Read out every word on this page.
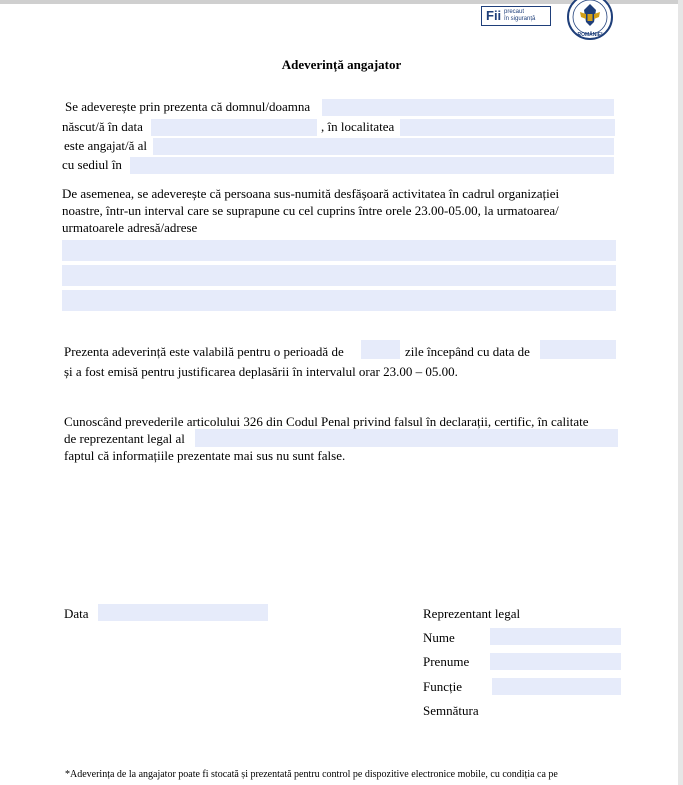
Fii precaut
în siguranță
ROMÂNIEI
Adeverință angajator
Se adeverește prin prezenta că domnul/doamna
născut/ă în data	, în localitatea
este angajat/ă al
cu sediul în
De asemenea, se adeverește că persoana sus-numită desfășoară activitatea în cadrul organizației
noastre, într-un interval care se suprapune cu cel cuprins între orele 23.00-05.00, la urmatoarea/
urmatoarele adresă/adrese
Prezenta adeverință este valabilă pentru o perioadă de	zile începând cu data de
și a fost emisă pentru justificarea deplasării în intervalul orar 23.00 – 05.00.
Cunoscând prevederile articolului 326 din Codul Penal privind falsul în declarații, certific, în calitate
de reprezentant legal al
faptul că informațiile prezentate mai sus nu sunt false.
Data	Reprezentant legal
Nume
Prenume
Funcție
Semnătura
*Adeverința de la angajator poate fi stocată și prezentată pentru control pe dispozitive electronice mobile, cu condiția ca pe
